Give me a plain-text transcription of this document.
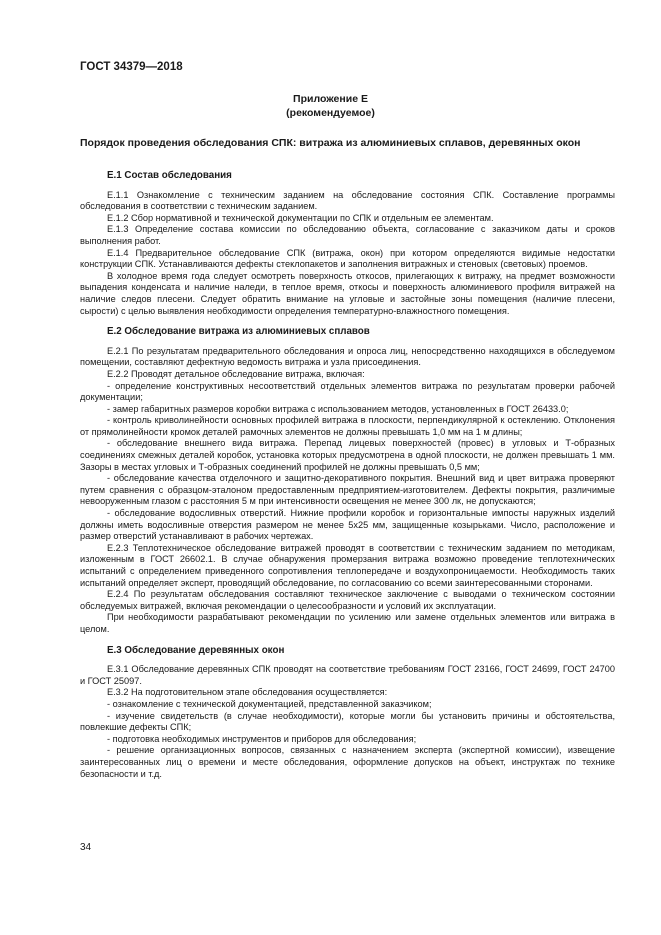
ГОСТ 34379—2018
Приложение Е
(рекомендуемое)
Порядок проведения обследования СПК: витража из алюминиевых сплавов, деревянных окон
Е.1 Состав обследования

Е.1.1 Ознакомление с техническим заданием на обследование состояния СПК. Составление программы обследования в соответствии с техническим заданием.

Е.1.2 Сбор нормативной и технической документации по СПК и отдельным ее элементам.

Е.1.3 Определение состава комиссии по обследованию объекта, согласование с заказчиком даты и сроков выполнения работ.

Е.1.4 Предварительное обследование СПК (витража, окон) при котором определяются видимые недостатки конструкции СПК. Устанавливаются дефекты стеклопакетов и заполнения витражных и стеновых (световых) проемов.

В холодное время года следует осмотреть поверхность откосов, прилегающих к витражу, на предмет возможности выпадения конденсата и наличие наледи, в теплое время, откосы и поверхность алюминиевого профиля витражей на наличие следов плесени. Следует обратить внимание на угловые и застойные зоны помещения (наличие плесени, сырости) с целью выявления необходимости определения температурно-влажностного помещения.

Е.2 Обследование витража из алюминиевых сплавов

Е.2.1 По результатам предварительного обследования и опроса лиц, непосредственно находящихся в обследуемом помещении, составляют дефектную ведомость витража и узла присоединения.

Е.2.2 Проводят детальное обследование витража, включая:

- определение конструктивных несоответствий отдельных элементов витража по результатам проверки рабочей документации;

- замер габаритных размеров коробки витража с использованием методов, установленных в ГОСТ 26433.0;

- контроль криволинейности основных профилей витража в плоскости, перпендикулярной к остеклению. Отклонения от прямолинейности кромок деталей рамочных элементов не должны превышать 1,0 мм на 1 м длины;

- обследование внешнего вида витража. Перепад лицевых поверхностей (провес) в угловых и Т-образных соединениях смежных деталей коробок, установка которых предусмотрена в одной плоскости, не должен превышать 1 мм. Зазоры в местах угловых и Т-образных соединений профилей не должны превышать 0,5 мм;

- обследование качества отделочного и защитно-декоративного покрытия. Внешний вид и цвет витража проверяют путем сравнения с образцом-эталоном предоставленным предприятием-изготовителем. Дефекты покрытия, различимые невооруженным глазом с расстояния 5 м при интенсивности освещения не менее 300 лк, не допускаются;

- обследование водосливных отверстий. Нижние профили коробок и горизонтальные импосты наружных изделий должны иметь водосливные отверстия размером не менее 5х25 мм, защищенные козырьками. Число, расположение и размер отверстий устанавливают в рабочих чертежах.

Е.2.3 Теплотехническое обследование витражей проводят в соответствии с техническим заданием по методикам, изложенным в ГОСТ 26602.1. В случае обнаружения промерзания витража возможно проведение теплотехнических испытаний с определением приведенного сопротивления теплопередаче и воздухопроницаемости. Необходимость таких испытаний определяет эксперт, проводящий обследование, по согласованию со всеми заинтересованными сторонами.

Е.2.4 По результатам обследования составляют техническое заключение с выводами о техническом состоянии обследуемых витражей, включая рекомендации о целесообразности и условий их эксплуатации.

При необходимости разрабатывают рекомендации по усилению или замене отдельных элементов или витража в целом.

Е.3 Обследование деревянных окон

Е.3.1 Обследование деревянных СПК проводят на соответствие требованиям ГОСТ 23166, ГОСТ 24699, ГОСТ 24700 и ГОСТ 25097.

Е.3.2 На подготовительном этапе обследования осуществляется:

- ознакомление с технической документацией, представленной заказчиком;

- изучение свидетельств (в случае необходимости), которые могли бы установить причины и обстоятельства, повлекшие дефекты СПК;

- подготовка необходимых инструментов и приборов для обследования;

- решение организационных вопросов, связанных с назначением эксперта (экспертной комиссии), извещение заинтересованных лиц о времени и месте обследования, оформление допусков на объект, инструктаж по технике безопасности и т.д.

34
